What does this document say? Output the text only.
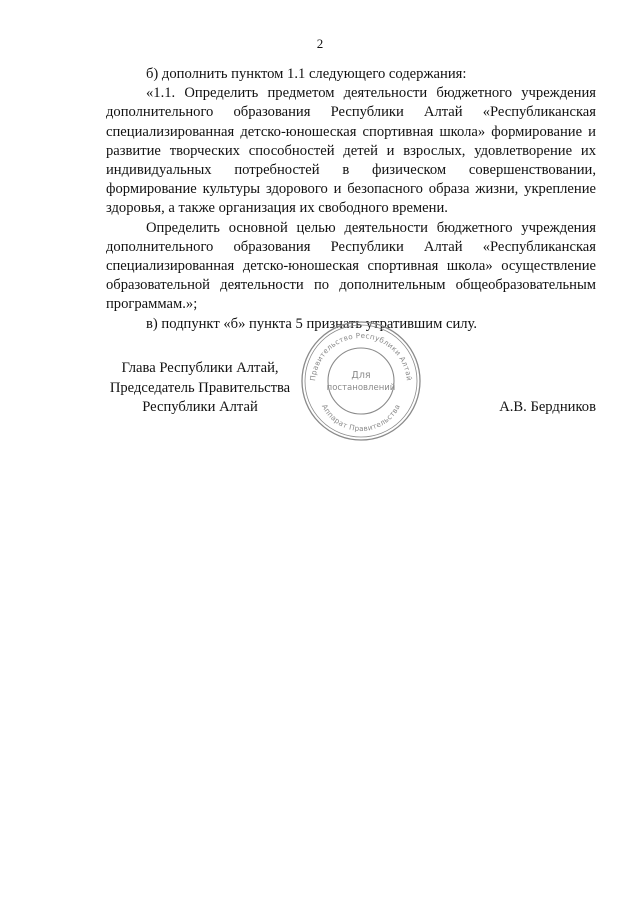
2

б) дополнить пунктом 1.1 следующего содержания:

«1.1. Определить предметом деятельности бюджетного учреждения дополнительного образования Республики Алтай «Республиканская специализированная детско-юношеская спортивная школа» формирование и развитие творческих способностей детей и взрослых, удовлетворение их индивидуальных потребностей в физическом совершенствовании, формирование культуры здорового и безопасного образа жизни, укрепление здоровья, а также организация их свободного времени.

Определить основной целью деятельности бюджетного учреждения дополнительного образования Республики Алтай «Республиканская специализированная детско-юношеская спортивная школа» осуществление образовательной деятельности по дополнительным общеобразовательным программам.»;

в) подпункт «б» пункта 5 признать утратившим силу.

Глава Республики Алтай,
Председатель Правительства
Республики Алтай
Правительство Республики Алтай
Аппарат Правительства
Для
постановлений
А.В. Бердников
